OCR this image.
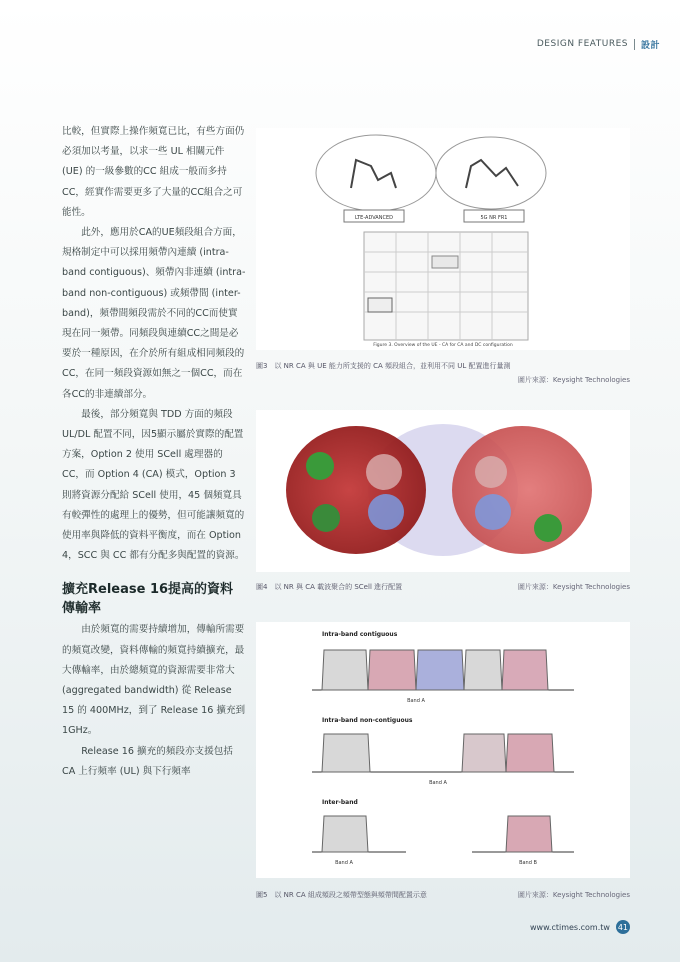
DESIGN FEATURES 設計

比較，但實際上操作頻寬已比，有些方面仍必須加以考量，以求一些 UL 相關元件 (UE) 的一級參數的CC 組成一般而多持CC，經實作需要更多了大量的CC組合之可能性。

此外，應用於CA的UE頻段組合方面，規格制定中可以採用頻帶內連續 (intra-band contiguous)、頻帶內非連續 (intra-band non-contiguous) 或頻帶間 (inter-band)，頻帶間頻段需於不同的CC而使實現在同一頻帶。同頻段與連續CC之間是必要於一種原因，在介於所有組成相同頻段的CC，在同一頻段資源如無之一個CC，而在各CC的非連續部分。

最後，部分頻寬與 TDD 方面的頻段 UL/DL 配置不同，因5顯示屬於實際的配置方案，Option 2 使用 SCell 處理器的 CC，而 Option 4 (CA) 模式，Option 3 則將資源分配給 SCell 使用，45 個頻寬具有較彈性的處理上的優勢，但可能讓頻寬的使用率與降低的資料平衡度，而在 Option 4，SCC 與 CC 都有分配多與配置的資源。

擴充Release 16提高的資料傳輸率

由於頻寬的需要持續增加，傳輸所需要的頻寬改變，資料傳輸的頻寬持續擴充，最大傳輸率，由於總頻寬的資源需要非常大 (aggregated bandwidth) 從 Release 15 的 400MHz，到了 Release 16 擴充到 1GHz。

Release 16 擴充的頻段亦支援包括 CA 上行頻率 (UL) 與下行頻率

LTE-ADVANCED	5G NR FR1
Figure 3. Overview of the UE - CA for CA and DC configuration
圖3　以 NR CA 與 UE 能力所支援的 CA 頻段組合，並利用不同 UL 配置進行量測
圖片來源：Keysight Technologies
圖4　以 NR 與 CA 載波聚合的 SCell 進行配置	圖片來源：Keysight Technologies
Intra-band contiguous
Band A
Intra-band non-contiguous
Band A
Inter-band
Band A	Band B
圖5　以 NR CA 組成頻段之頻帶型態與頻帶間配置示意	圖片來源：Keysight Technologies
www.ctimes.com.tw 41
